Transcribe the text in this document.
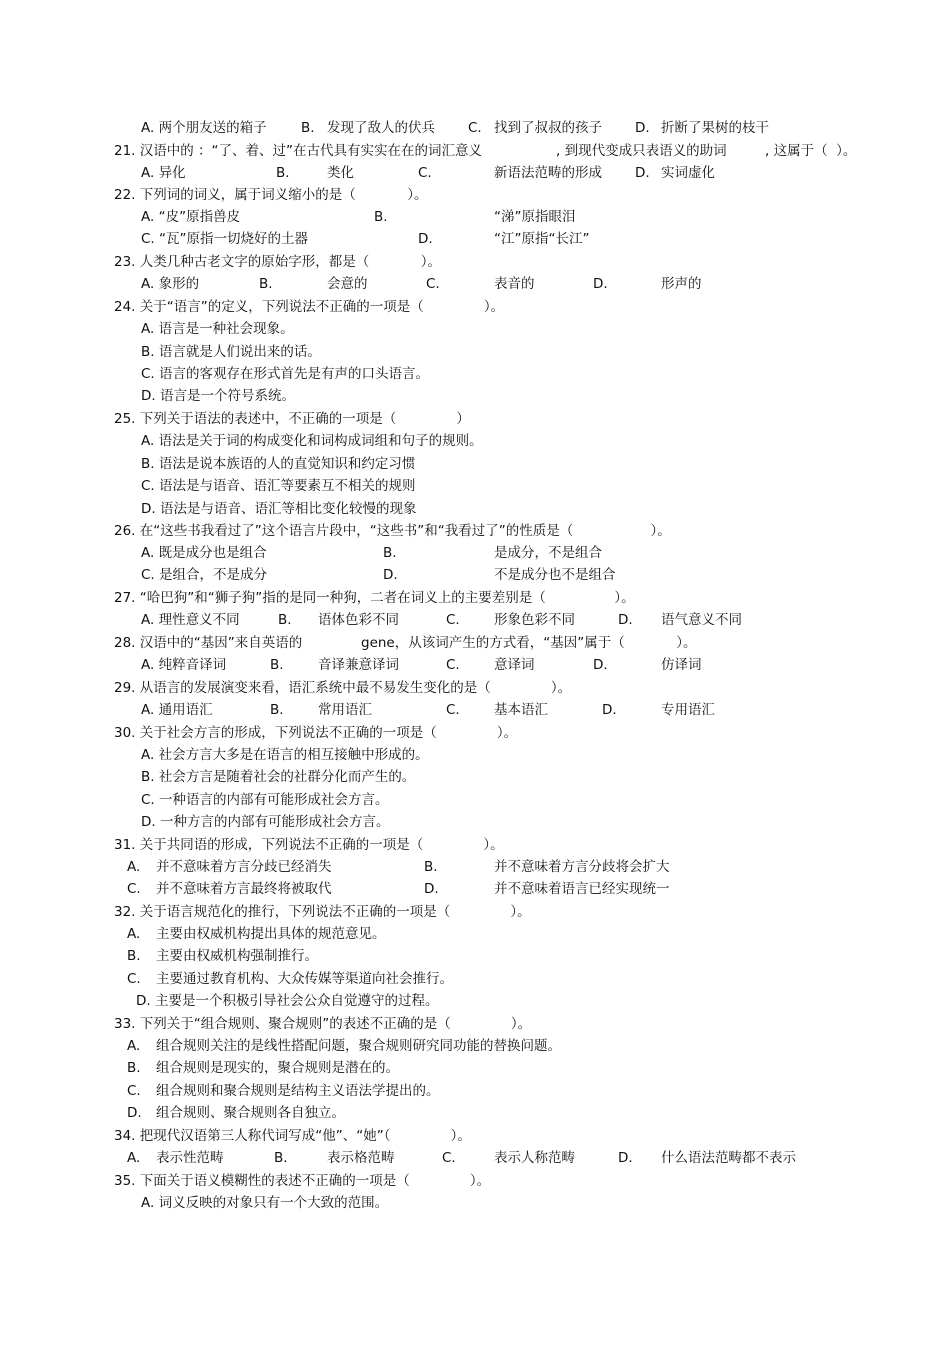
A. 两个朋友送的箱子	B. 发现了敌人的伏兵 C. 找到了叔叔的孩子 D. 折断了果树的枝干
21. 汉语中的 ：“了、着、过”在古代具有实实在在的词汇意义	, 到现代变成只表语义的助词	, 这属于（  ）。
A. 异化	B.	类化	C.	新语法范畴的形成 D. 实词虚化
22. 下列词的词义，属于词义缩小的是（            ）。
A. “皮”原指兽皮	B.	“涕”原指眼泪
C. “瓦”原指一切烧好的土器	D.	“江”原指“长江”
23. 人类几种古老文字的原始字形，都是（            ）。
A. 象形的	B.	会意的	C.	表音的	D.	形声的
24. 关于“语言”的定义，下列说法不正确的一项是（              ）。
A. 语言是一种社会现象。
B. 语言就是人们说出来的话。
C. 语言的客观存在形式首先是有声的口头语言。
D. 语言是一个符号系统。
25. 下列关于语法的表述中，不正确的一项是（              ）
A. 语法是关于词的构成变化和词构成词组和句子的规则。
B. 语法是说本族语的人的直觉知识和约定习惯
C. 语法是与语音、语汇等要素互不相关的规则
D. 语法是与语音、语汇等相比变化较慢的现象
26. 在“这些书我看过了”这个语言片段中，“这些书”和“我看过了”的性质是（                  ）。
A. 既是成分也是组合	B.	是成分，不是组合
C. 是组合，不是成分	D.	不是成分也不是组合
27. “哈巴狗”和“狮子狗”指的是同一种狗，二者在词义上的主要差别是（                ）。
A. 理性意义不同	B. 语体色彩不同	C.	形象色彩不同	D. 语气意义不同
28. 汉语中的“基因”来自英语的	gene，从该词产生的方式看，“基因”属于（            ）。
A. 纯粹音译词	B.	音译兼意译词	C.	意译词	D.	仿译词
29. 从语言的发展演变来看，语汇系统中最不易发生变化的是（              ）。
A. 通用语汇	B.	常用语汇	C.	基本语汇	D.	专用语汇
30. 关于社会方言的形成，下列说法不正确的一项是（              ）。
A. 社会方言大多是在语言的相互接触中形成的。
B. 社会方言是随着社会的社群分化而产生的。
C. 一种语言的内部有可能形成社会方言。
D. 一种方言的内部有可能形成社会方言。
31. 关于共同语的形成，下列说法不正确的一项是（              ）。
A. 并不意味着方言分歧已经消失	B.	并不意味着方言分歧将会扩大
C. 并不意味着方言最终将被取代	D.	并不意味着语言已经实现统一
32. 关于语言规范化的推行，下列说法不正确的一项是（              ）。
A. 主要由权威机构提出具体的规范意见。
B. 主要由权威机构强制推行。
C. 主要通过教育机构、大众传媒等渠道向社会推行。
D. 主要是一个积极引导社会公众自觉遵守的过程。
33. 下列关于“组合规则、聚合规则”的表述不正确的是（              ）。
A. 组合规则关注的是线性搭配问题，聚合规则研究同功能的替换问题。
B. 组合规则是现实的，聚合规则是潜在的。
C. 组合规则和聚合规则是结构主义语法学提出的。
D. 组合规则、聚合规则各自独立。
34. 把现代汉语第三人称代词写成“他”、“她”（              ）。
A. 表示性范畴	B.	表示格范畴	C.	表示人称范畴	D. 什么语法范畴都不表示
35. 下面关于语义模糊性的表述不正确的一项是（              ）。
A. 词义反映的对象只有一个大致的范围。
